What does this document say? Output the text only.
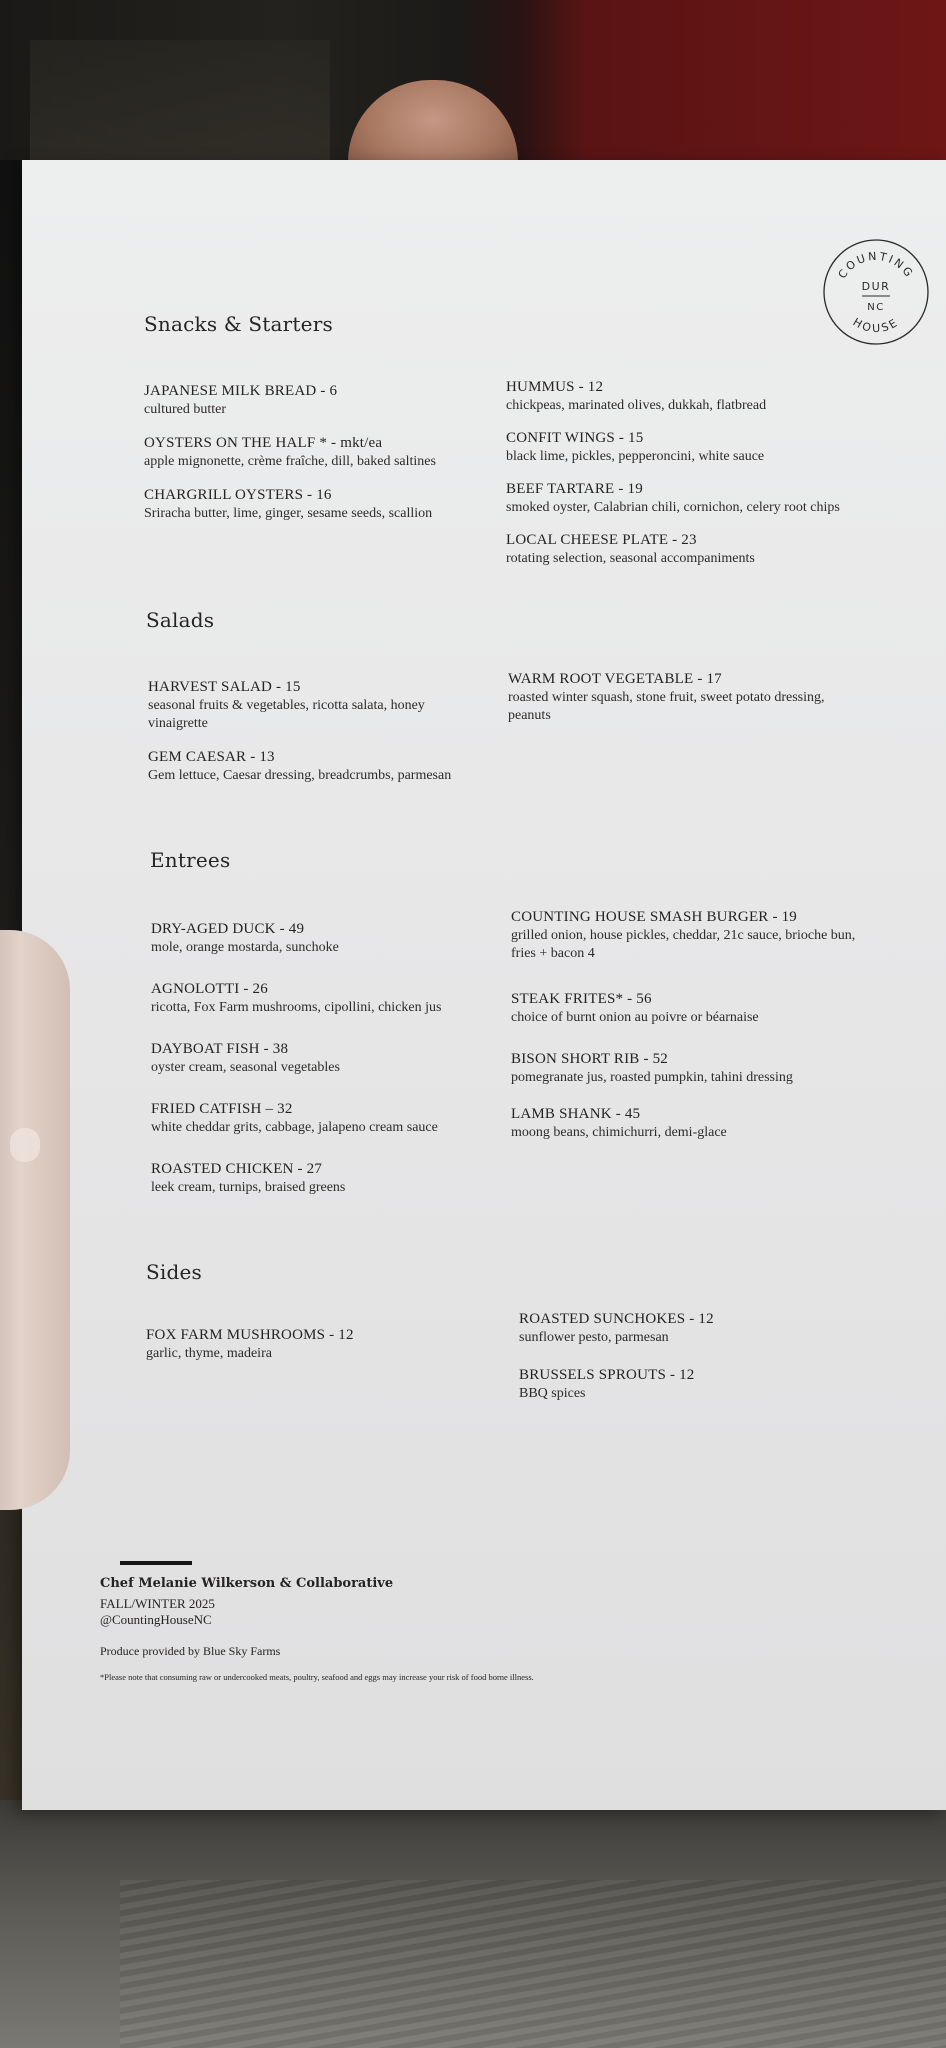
COUNTING
HOUSE
DUR
NC
Snacks & Starters
JAPANESE MILK BREAD - 6
cultured butter
OYSTERS ON THE HALF * - mkt/ea
apple mignonette, crème fraîche, dill, baked saltines
CHARGRILL OYSTERS - 16
Sriracha butter, lime, ginger, sesame seeds, scallion
HUMMUS - 12
chickpeas, marinated olives, dukkah, flatbread
CONFIT WINGS - 15
black lime, pickles, pepperoncini, white sauce
BEEF TARTARE - 19
smoked oyster, Calabrian chili, cornichon, celery root chips
LOCAL CHEESE PLATE - 23
rotating selection, seasonal accompaniments
Salads
HARVEST SALAD - 15
seasonal fruits & vegetables, ricotta salata, honey
vinaigrette
GEM CAESAR - 13
Gem lettuce, Caesar dressing, breadcrumbs, parmesan
WARM ROOT VEGETABLE - 17
roasted winter squash, stone fruit, sweet potato dressing,
peanuts
Entrees
DRY-AGED DUCK - 49
mole, orange mostarda, sunchoke
AGNOLOTTI - 26
ricotta, Fox Farm mushrooms, cipollini, chicken jus
DAYBOAT FISH - 38
oyster cream, seasonal vegetables
FRIED CATFISH – 32
white cheddar grits, cabbage, jalapeno cream sauce
ROASTED CHICKEN - 27
leek cream, turnips, braised greens
COUNTING HOUSE SMASH BURGER - 19
grilled onion, house pickles, cheddar, 21c sauce, brioche bun,
fries + bacon 4
STEAK FRITES* - 56
choice of burnt onion au poivre or béarnaise
BISON SHORT RIB - 52
pomegranate jus, roasted pumpkin, tahini dressing
LAMB SHANK - 45
moong beans, chimichurri, demi-glace
Sides
FOX FARM MUSHROOMS - 12
garlic, thyme, madeira
ROASTED SUNCHOKES - 12
sunflower pesto, parmesan
BRUSSELS SPROUTS - 12
BBQ spices
Chef Melanie Wilkerson & Collaborative
FALL/WINTER 2025
@CountingHouseNC
Produce provided by Blue Sky Farms
*Please note that consuming raw or undercooked meats, poultry, seafood and eggs may increase your risk of food borne illness.
